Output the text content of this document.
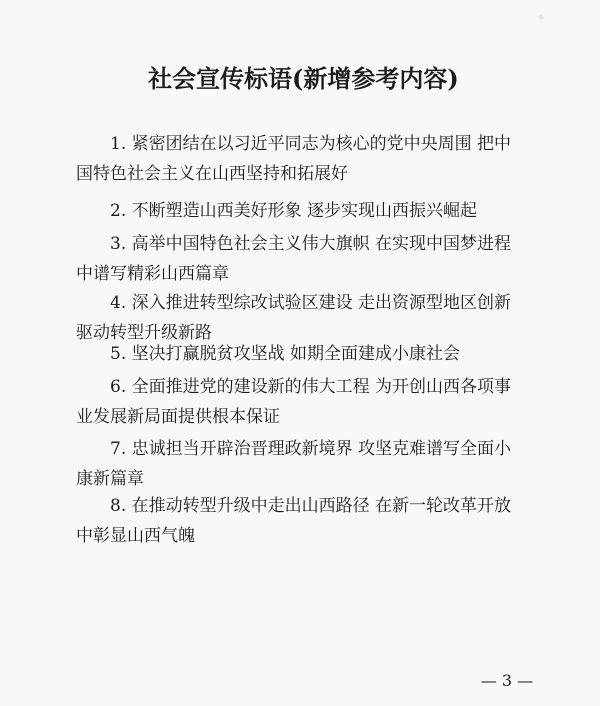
◦
社会宣传标语(新增参考内容)
1. 紧密团结在以习近平同志为核心的党中央周围 把中
国特色社会主义在山西坚持和拓展好
2. 不断塑造山西美好形象 逐步实现山西振兴崛起
3. 高举中国特色社会主义伟大旗帜 在实现中国梦进程
中谱写精彩山西篇章
4. 深入推进转型综改试验区建设 走出资源型地区创新
驱动转型升级新路
5. 坚决打赢脱贫攻坚战 如期全面建成小康社会
6. 全面推进党的建设新的伟大工程 为开创山西各项事
业发展新局面提供根本保证
7. 忠诚担当开辟治晋理政新境界 攻坚克难谱写全面小
康新篇章
8. 在推动转型升级中走出山西路径 在新一轮改革开放
中彰显山西气魄
— 3 —
